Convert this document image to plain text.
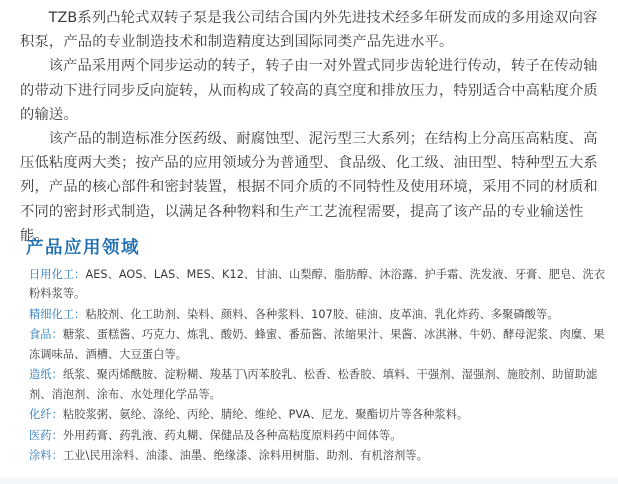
TZB系列凸轮式双转子泵是我公司结合国内外先进技术经多年研发而成的多用途双向容积泵，产品的专业制造技术和制造精度达到国际同类产品先进水平。

该产品采用两个同步运动的转子，转子由一对外置式同步齿轮进行传动，转子在传动轴的带动下进行同步反向旋转，从而构成了较高的真空度和排放压力，特别适合中高粘度介质的输送。

该产品的制造标准分医药级、耐腐蚀型、泥污型三大系列；在结构上分高压高粘度、高压低粘度两大类；按产品的应用领域分为普通型、食品级、化工级、油田型、特种型五大系列，产品的核心部件和密封装置，根据不同介质的不同特性及使用环境，采用不同的材质和不同的密封形式制造，以满足各种物料和生产工艺流程需要，提高了该产品的专业输送性能。

产品应用领域
日用化工：AES、AOS、LAS、MES、K12、甘油、山梨醇、脂肪醇、沐浴露、护手霜、洗发液、牙膏、肥皂、洗衣粉料浆等。
精细化工：粘胶剂、化工助剂、染料、颜料、各种浆料、107胶、硅油、皮革油、乳化炸药、多聚磷酸等。
食品：糖浆、蛋糕酱、巧克力、炼乳、酸奶、蜂蜜、番茄酱、浓缩果汁、果酱、冰淇淋、牛奶、酵母泥浆、肉糜、果冻调味品、酒槽、大豆蛋白等。
造纸：纸浆、聚丙烯酰胺、淀粉糊、羧基丁\丙苯胶乳、松香、松香胶、填料、干强剂、湿强剂、施胶剂、助留助滤剂、消泡剂、涂布、水处理化学品等。
化纤：粘胶浆粥、氨纶、涤纶、丙纶、腈纶、维纶、PVA、尼龙、聚酯切片等各种浆料。
医药：外用药膏、药乳液、药丸糊、保健品及各种高粘度原料药中间体等。
涂料：工业\民用涂料、油漆、油墨、绝缘漆、涂料用树脂、助剂、有机溶剂等。
